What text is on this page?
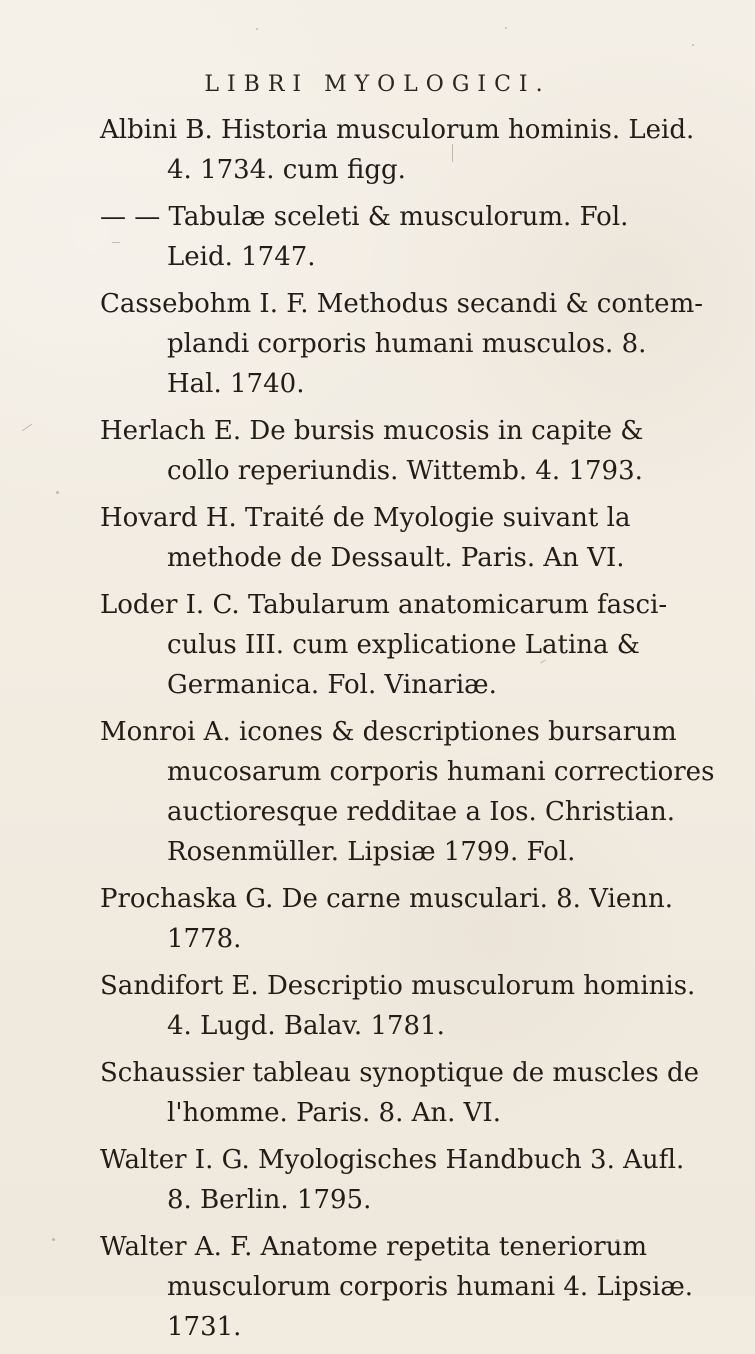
LIBRI MYOLOGICI.
Albini B. Historia musculorum hominis. Leid.
4. 1734. cum figg.
— — Tabulæ sceleti & musculorum. Fol.
Leid. 1747.
Cassebohm I. F. Methodus secandi & contem-
plandi corporis humani musculos. 8.
Hal. 1740.
Herlach E. De bursis mucosis in capite &
collo reperiundis. Wittemb. 4. 1793.
Hovard H. Traité de Myologie suivant la
methode de Dessault. Paris. An VI.
Loder I. C. Tabularum anatomicarum fasci-
culus III. cum explicatione Latina &
Germanica. Fol. Vinariæ.
Monroi A. icones & descriptiones bursarum
mucosarum corporis humani correctiores
auctioresque redditae a Ios. Christian.
Rosenmüller. Lipsiæ 1799. Fol.
Prochaska G. De carne musculari. 8. Vienn.
1778.
Sandifort E. Descriptio musculorum hominis.
4. Lugd. Balav. 1781.
Schaussier tableau synoptique de muscles de
l'homme. Paris. 8. An. VI.
Walter I. G. Myologisches Handbuch 3. Aufl.
8. Berlin. 1795.
Walter A. F. Anatome repetita teneriorum
musculorum corporis humani 4. Lipsiæ.
1731.
